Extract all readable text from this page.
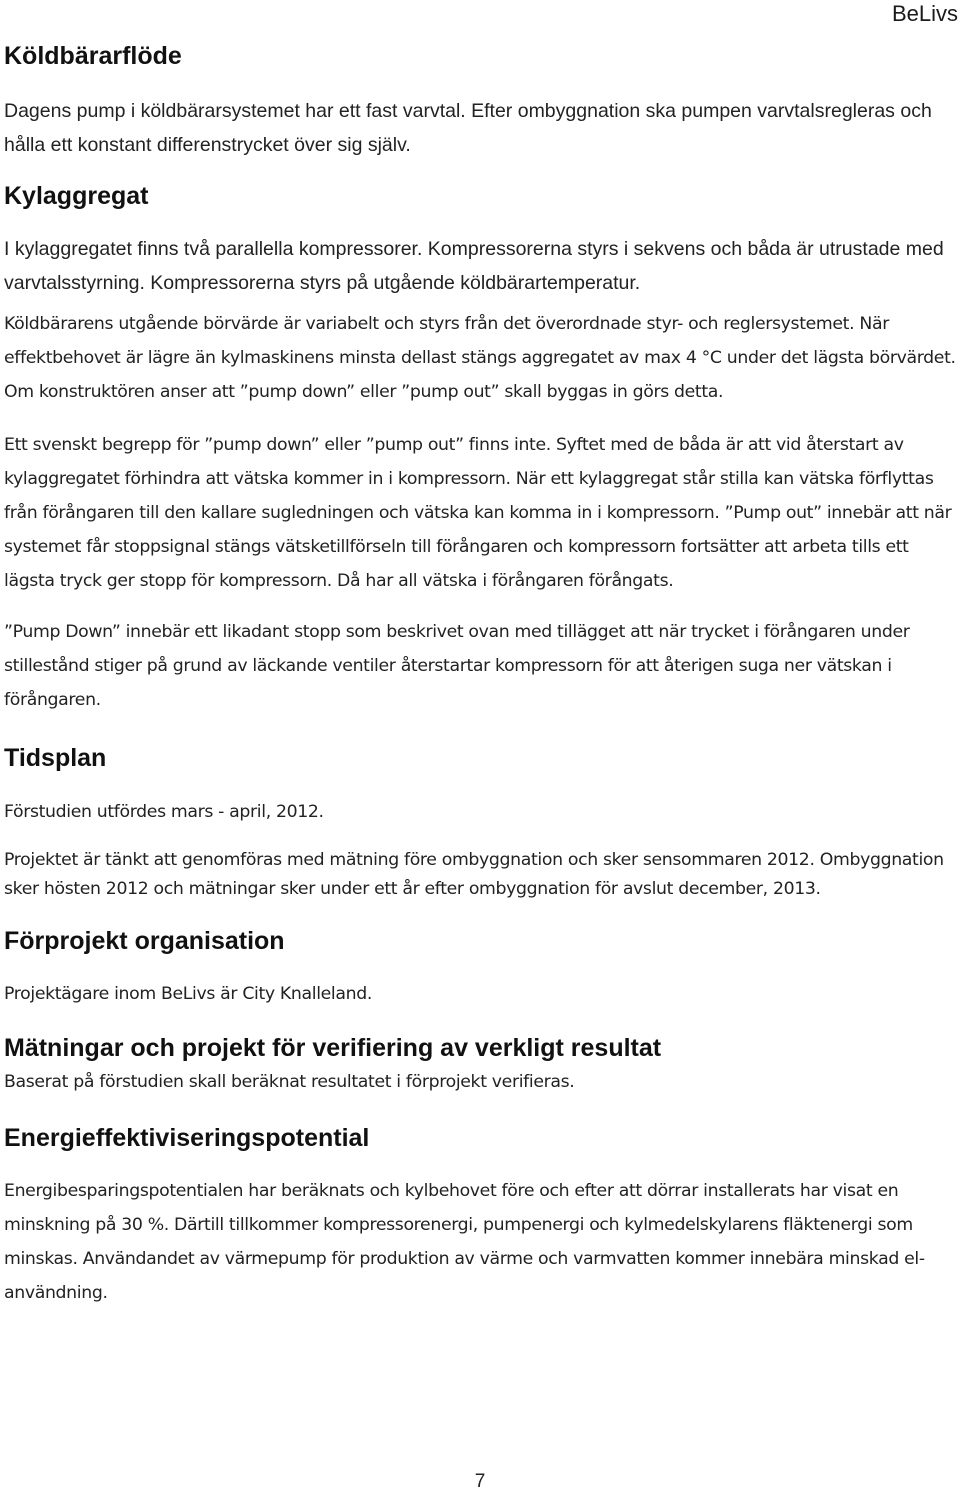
BeLivs
Köldbärarflöde

Dagens pump i köldbärarsystemet har ett fast varvtal. Efter ombyggnation ska pumpen varvtalsregleras och hålla ett konstant differenstrycket över sig själv.

Kylaggregat

I kylaggregatet finns två parallella kompressorer. Kompressorerna styrs i sekvens och båda är utrustade med varvtalsstyrning. Kompressorerna styrs på utgående köldbärartemperatur.

Köldbärarens utgående börvärde är variabelt och styrs från det överordnade styr- och reglersystemet. När effektbehovet är lägre än kylmaskinens minsta dellast stängs aggregatet av max 4 °C under det lägsta börvärdet. Om konstruktören anser att ”pump down” eller ”pump out” skall byggas in görs detta.

Ett svenskt begrepp för ”pump down” eller ”pump out” finns inte. Syftet med de båda är att vid återstart av kylaggregatet förhindra att vätska kommer in i kompressorn. När ett kylaggregat står stilla kan vätska förflyttas från förångaren till den kallare sugledningen och vätska kan komma in i kompressorn. ”Pump out” innebär att när systemet får stoppsignal stängs vätsketillförseln till förångaren och kompressorn fortsätter att arbeta tills ett lägsta tryck ger stopp för kompressorn. Då har all vätska i förångaren förångats.

”Pump Down” innebär ett likadant stopp som beskrivet ovan med tillägget att när trycket i förångaren under stillestånd stiger på grund av läckande ventiler återstartar kompressorn för att återigen suga ner vätskan i förångaren.

Tidsplan

Förstudien utfördes mars - april, 2012.

Projektet är tänkt att genomföras med mätning före ombyggnation och sker sensommaren 2012. Ombyggnation sker hösten 2012 och mätningar sker under ett år efter ombyggnation för avslut december, 2013.

Förprojekt organisation

Projektägare inom BeLivs är City Knalleland.

Mätningar och projekt för verifiering av verkligt resultat

Baserat på förstudien skall beräknat resultatet i förprojekt verifieras.

Energieffektiviseringspotential

Energibesparingspotentialen har beräknats och kylbehovet före och efter att dörrar installerats har visat en minskning på 30 %. Därtill tillkommer kompressorenergi, pumpenergi och kylmedelskylarens fläktenergi som minskas. Användandet av värmepump för produktion av värme och varmvatten kommer innebära minskad el-användning.

7
